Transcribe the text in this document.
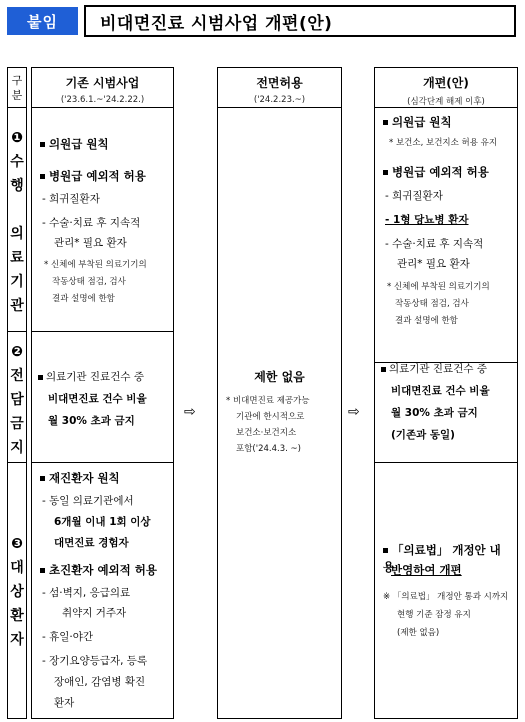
붙임	비대면진료 시범사업 개편(안)
구
분
❶
수
행
의
료
기
관
❷
전
담
금
지
❸
대
상
환
자
기존 시범사업
('23.6.1.~'24.2.22.)
의원급 원칙
병원급 예외적 허용
- 희귀질환자
- 수술·치료 후 지속적
관리* 필요 환자
* 신체에 부착된 의료기기의
작동상태 점검, 검사
결과 설명에 한함
의료기관 진료건수 중
비대면진료 건수 비율
월 30% 초과 금지
재진환자 원칙
- 동일 의료기관에서
6개월 이내 1회 이상
대면진료 경험자
초진환자 예외적 허용
- 섬·벽지, 응급의료
취약지 거주자
- 휴일·야간
- 장기요양등급자, 등록
장애인, 감염병 확진
환자
⇨
전면허용
('24.2.23.~)
제한 없음
* 비대면진료 제공가능
기관에 한시적으로
보건소·보건지소
포함('24.4.3. ~)
⇨
개편(안)
(심각단계 해제 이후)
의원급 원칙
* 보건소, 보건지소 허용 유지
병원급 예외적 허용
- 희귀질환자
- 1형 당뇨병 환자
- 수술·치료 후 지속적
관리* 필요 환자
* 신체에 부착된 의료기기의
작동상태 점검, 검사
결과 설명에 한함
의료기관 진료건수 중
비대면진료 건수 비율
월 30% 초과 금지
(기존과 동일)
「의료법」 개정안 내용
반영하여 개편
※ 「의료법」 개정안 통과 시까지
현행 기준 잠정 유지
(제한 없음)
